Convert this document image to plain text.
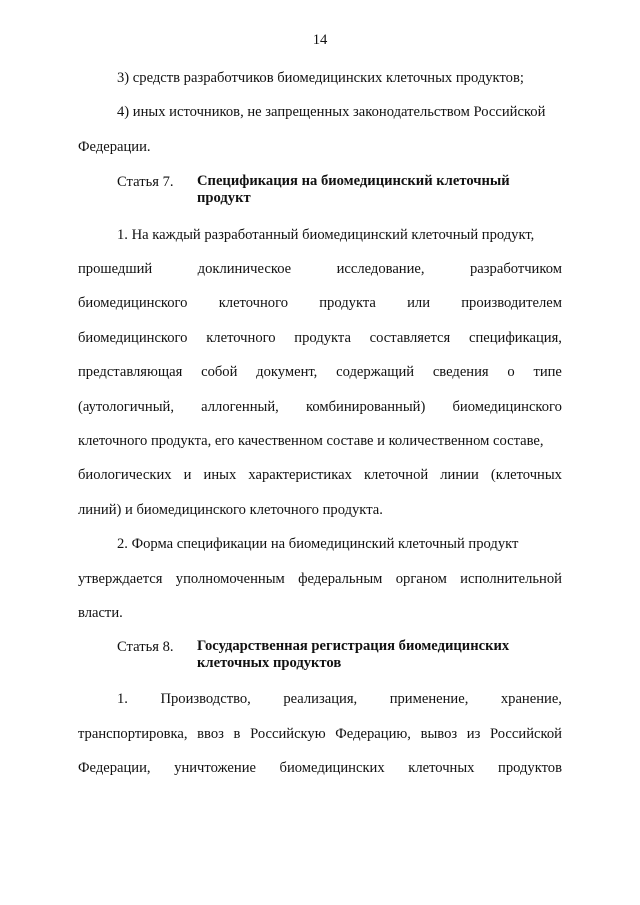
14
3) средств разработчиков биомедицинских клеточных продуктов;
4) иных источников, не запрещенных законодательством Российской
Федерации.
Статья 7. Спецификация на биомедицинский клеточный
продукт
1. На каждый разработанный биомедицинский клеточный продукт,
прошедший	доклиническое	исследование,	разработчиком
биомедицинского клеточного продукта или производителем
биомедицинского клеточного продукта составляется спецификация,
представляющая собой документ, содержащий сведения о типе
(аутологичный, аллогенный, комбинированный) биомедицинского
клеточного продукта, его качественном составе и количественном составе,
биологических и иных характеристиках клеточной линии (клеточных
линий) и биомедицинского клеточного продукта.
2. Форма спецификации на биомедицинский клеточный продукт
утверждается уполномоченным федеральным органом исполнительной
власти.
Статья 8. Государственная регистрация биомедицинских
клеточных продуктов
1. Производство, реализация, применение, хранение,
транспортировка, ввоз в Российскую Федерацию, вывоз из Российской
Федерации, уничтожение биомедицинских клеточных продуктов
